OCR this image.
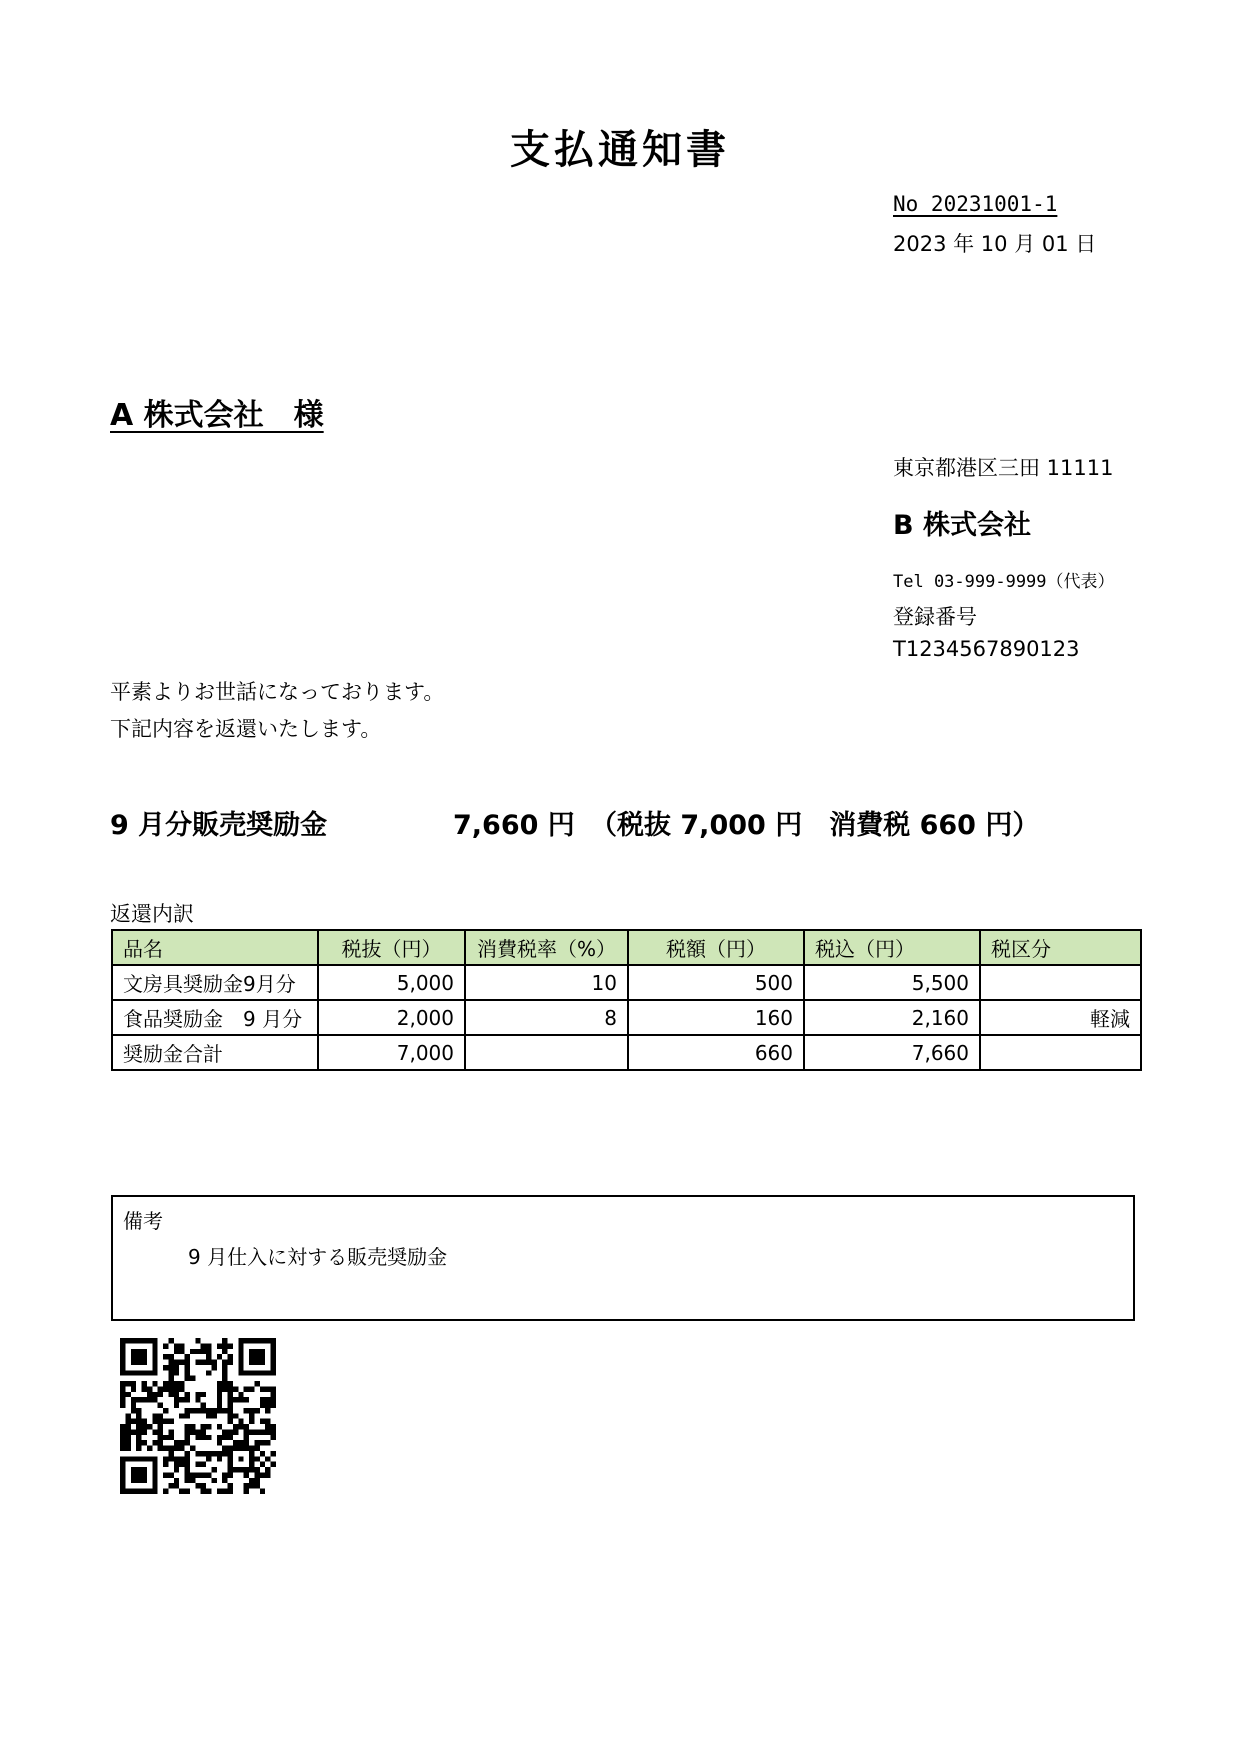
支払通知書
No 20231001-1
2023 年 10 月 01 日
A 株式会社　様
東京都港区三田 11111
B 株式会社
Tel 03-999-9999（代表）
登録番号
T1234567890123
平素よりお世話になっております。
下記内容を返還いたします。
9 月分販売奨励金	7,660 円 （税抜 7,000 円　消費税 660 円）
返還内訳
品名	税抜（円）	消費税率（%）	税額（円）	税込（円）	税区分
文房具奨励金9月分	5,000	10	500	5,500	
食品奨励金　9 月分	2,000	8	160	2,160	軽減
奨励金合計	7,000		660	7,660	
備考
9 月仕入に対する販売奨励金
